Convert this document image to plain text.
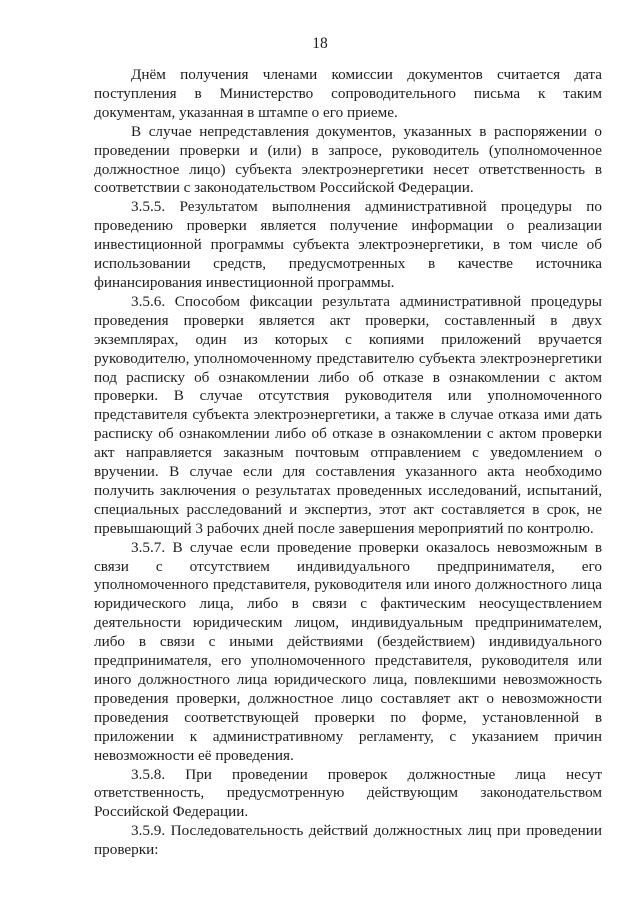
18

Днём получения членами комиссии документов считается дата поступления в Министерство сопроводительного письма к таким документам, указанная в штампе о его приеме.

В случае непредставления документов, указанных в распоряжении о проведении проверки и (или) в запросе, руководитель (уполномоченное должностное лицо) субъекта электроэнергетики несет ответственность в соответствии с законодательством Российской Федерации.

3.5.5. Результатом выполнения административной процедуры по проведению проверки является получение информации о реализации инвестиционной программы субъекта электроэнергетики, в том числе об использовании средств, предусмотренных в качестве источника финансирования инвестиционной программы.

3.5.6. Способом фиксации результата административной процедуры проведения проверки является акт проверки, составленный в двух экземплярах, один из которых с копиями приложений вручается руководителю, уполномоченному представителю субъекта электроэнергетики под расписку об ознакомлении либо об отказе в ознакомлении с актом проверки. В случае отсутствия руководителя или уполномоченного представителя субъекта электроэнергетики, а также в случае отказа ими дать расписку об ознакомлении либо об отказе в ознакомлении с актом проверки акт направляется заказным почтовым отправлением с уведомлением о вручении. В случае если для составления указанного акта необходимо получить заключения о результатах проведенных исследований, испытаний, специальных расследований и экспертиз, этот акт составляется в срок, не превышающий 3 рабочих дней после завершения мероприятий по контролю.

3.5.7. В случае если проведение проверки оказалось невозможным в связи с отсутствием индивидуального предпринимателя, его уполномоченного представителя, руководителя или иного должностного лица юридического лица, либо в связи с фактическим неосуществлением деятельности юридическим лицом, индивидуальным предпринимателем, либо в связи с иными действиями (бездействием) индивидуального предпринимателя, его уполномоченного представителя, руководителя или иного должностного лица юридического лица, повлекшими невозможность проведения проверки, должностное лицо составляет акт о невозможности проведения соответствующей проверки по форме, установленной в приложении к административному регламенту, с указанием причин невозможности её проведения.

3.5.8. При проведении проверок должностные лица несут ответственность, предусмотренную действующим законодательством Российской Федерации.

3.5.9. Последовательность действий должностных лиц при проведении проверки:
